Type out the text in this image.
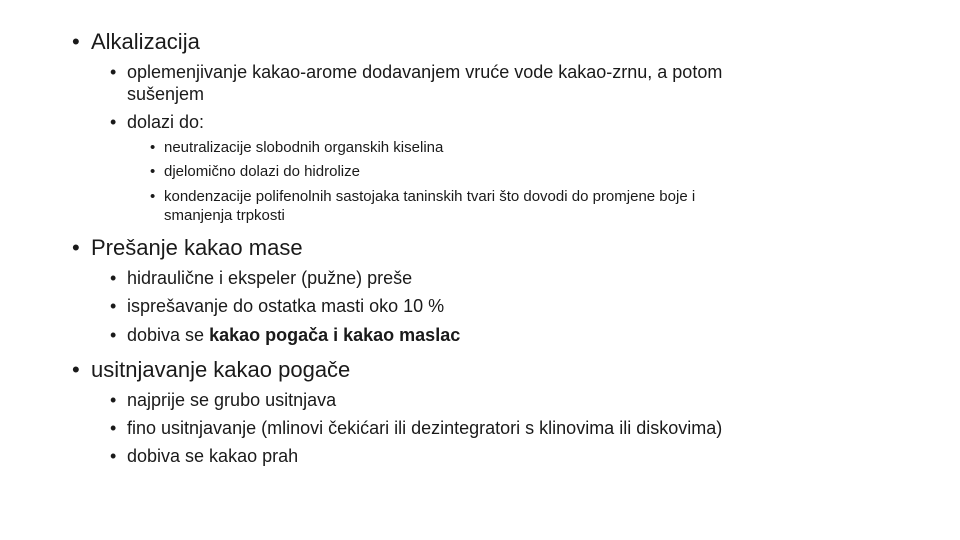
• Alkalizacija
• oplemenjivanje kakao-arome dodavanjem vruće vode kakao-zrnu, a potom
sušenjem
• dolazi do:
• neutralizacije slobodnih organskih kiselina
• djelomično dolazi do hidrolize
• kondenzacije polifenolnih sastojaka taninskih tvari što dovodi do promjene boje i
smanjenja trpkosti
• Prešanje kakao mase
• hidraulične i ekspeler (pužne) preše
• isprešavanje do ostatka masti oko 10 %
• dobiva se kakao pogača i kakao maslac
• usitnjavanje kakao pogače
• najprije se grubo usitnjava
• fino usitnjavanje (mlinovi čekićari ili dezintegratori s klinovima ili diskovima)
• dobiva se kakao prah
